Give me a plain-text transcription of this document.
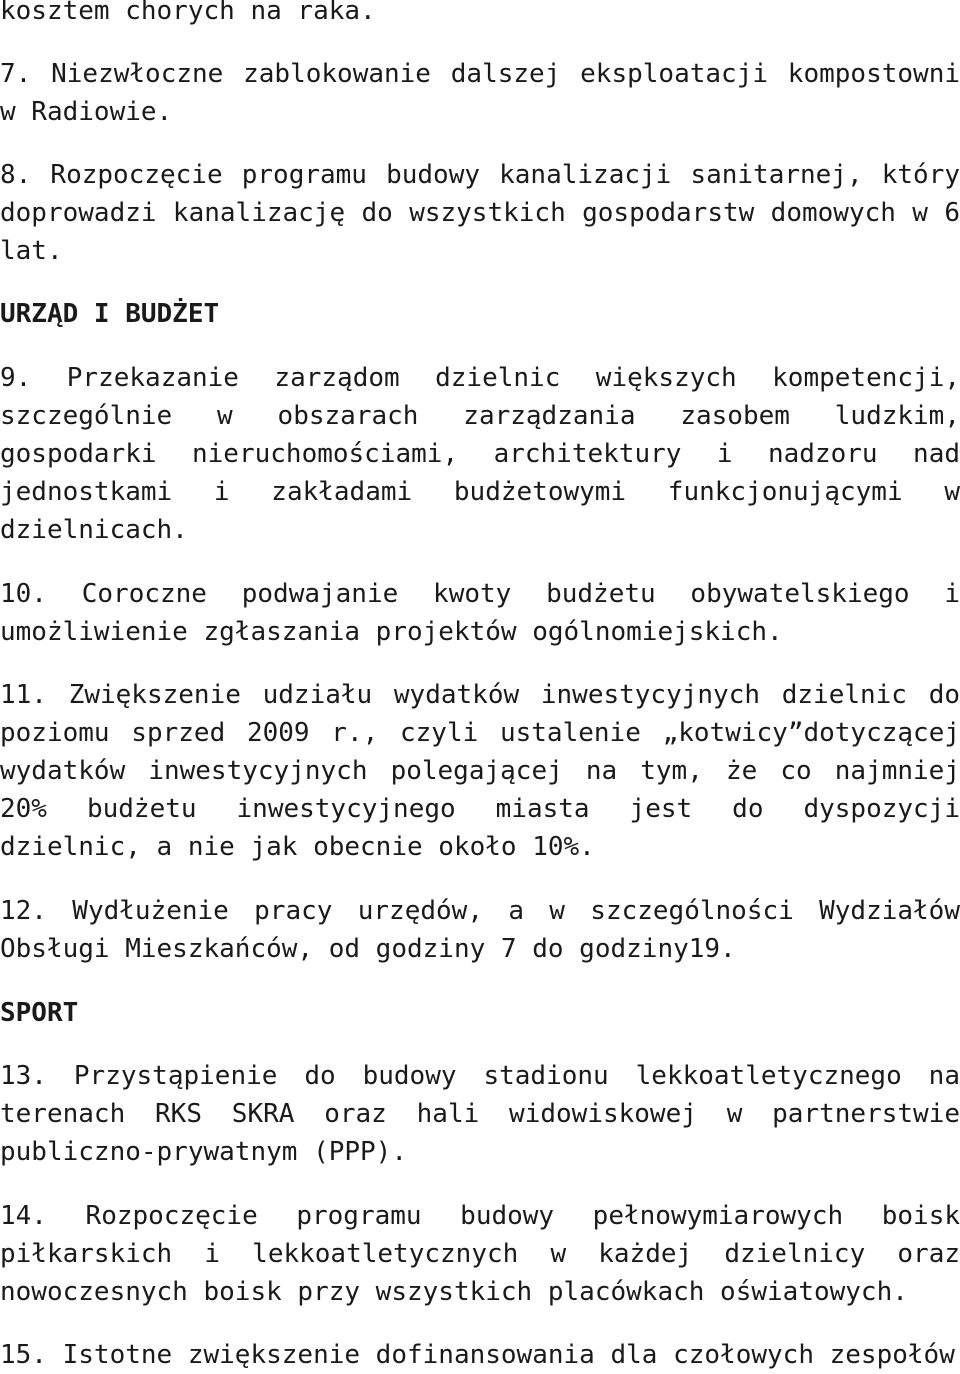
kosztem chorych na raka.

7. Niezwłoczne zablokowanie dalszej eksploatacji kompostowni w Radiowie.

8. Rozpoczęcie programu budowy kanalizacji sanitarnej, który doprowadzi kanalizację do wszystkich gospodarstw domowych w 6 lat.

URZĄD I BUDŻET

9. Przekazanie zarządom dzielnic większych kompetencji, szczególnie w obszarach zarządzania zasobem ludzkim, gospodarki nieruchomościami, architektury i nadzoru nad jednostkami i zakładami budżetowymi funkcjonującymi w dzielnicach.

10. Coroczne podwajanie kwoty budżetu obywatelskiego i umożliwienie zgłaszania projektów ogólnomiejskich.

11. Zwiększenie udziału wydatków inwestycyjnych dzielnic do poziomu sprzed 2009 r., czyli ustalenie „kotwicy”dotyczącej wydatków inwestycyjnych polegającej na tym, że co najmniej 20% budżetu inwestycyjnego miasta jest do dyspozycji dzielnic, a nie jak obecnie około 10%.

12. Wydłużenie pracy urzędów, a w szczególności Wydziałów Obsługi Mieszkańców, od godziny 7 do godziny19.

SPORT

13. Przystąpienie do budowy stadionu lekkoatletycznego na terenach RKS SKRA oraz hali widowiskowej w partnerstwie publiczno-prywatnym (PPP).

14. Rozpoczęcie programu budowy pełnowymiarowych boisk piłkarskich i lekkoatletycznych w każdej dzielnicy oraz nowoczesnych boisk przy wszystkich placówkach oświatowych.

15. Istotne zwiększenie dofinansowania dla czołowych zespołów
